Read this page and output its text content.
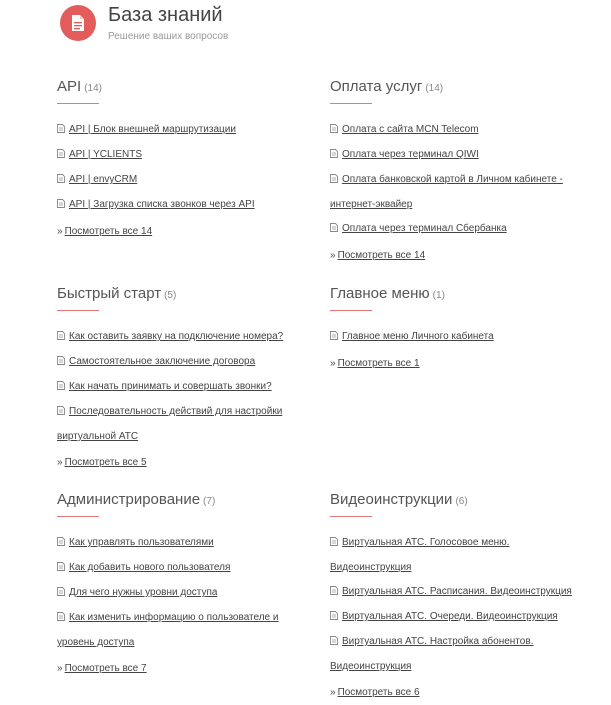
База знаний
Решение ваших вопросов
API (14)
API | Блок внешней маршрутизации
API | YCLIENTS
API | envyCRM
API | Загрузка списка звонков через API
» Посмотреть все 14
Оплата услуг (14)
Оплата с сайта MCN Telecom
Оплата через терминал QIWI
Оплата банковской картой в Личном кабинете -
интернет-эквайер
Оплата через терминал Сбербанка
» Посмотреть все 14
Быстрый старт (5)
Как оставить заявку на подключение номера?
Самостоятельное заключение договора
Как начать принимать и совершать звонки?
Последовательность действий для настройки
виртуальной АТС
» Посмотреть все 5
Главное меню (1)
Главное меню Личного кабинета
» Посмотреть все 1
Администрирование (7)
Как управлять пользователями
Как добавить нового пользователя
Для чего нужны уровни доступа
Как изменить информацию о пользователе и
уровень доступа
» Посмотреть все 7
Видеоинструкции (6)
Виртуальная АТС. Голосовое меню.
Видеоинструкция
Виртуальная АТС. Расписания. Видеоинструкция
Виртуальная АТС. Очереди. Видеоинструкция
Виртуальная АТС. Настройка абонентов.
Видеоинструкция
» Посмотреть все 6
